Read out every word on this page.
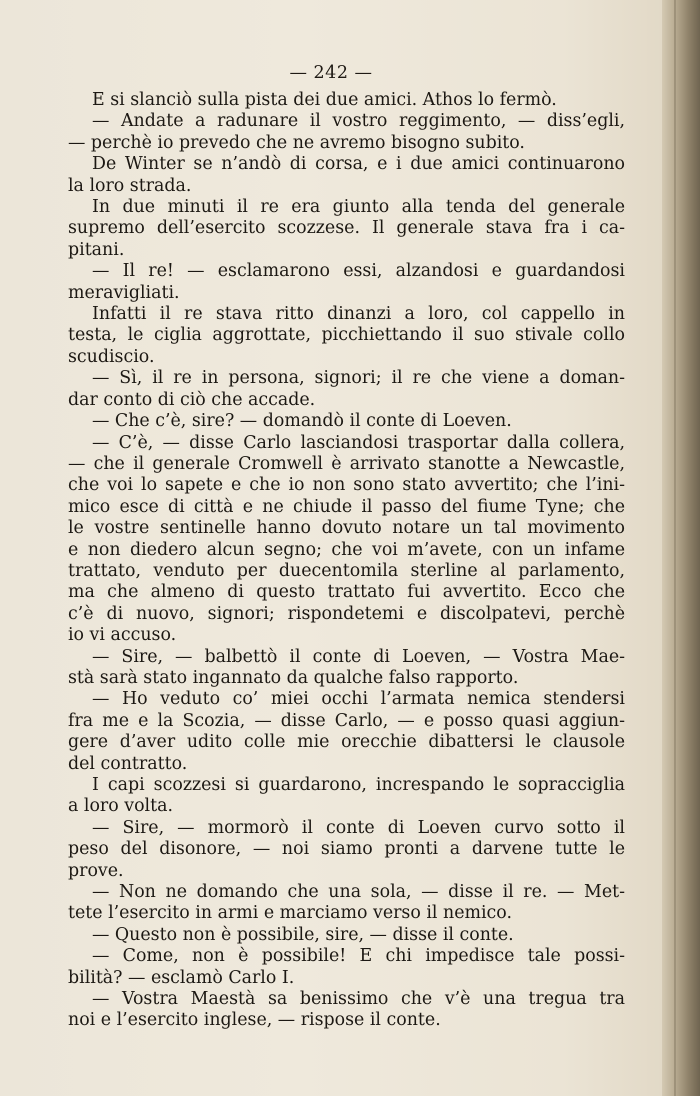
— 242 —
E si slanciò sulla pista dei due amici. Athos lo fermò.
— Andate a radunare il vostro reggimento, — diss’egli,
— perchè io prevedo che ne avremo bisogno subito.
De Winter se n’andò di corsa, e i due amici continuarono
la loro strada.
In due minuti il re era giunto alla tenda del generale
supremo dell’esercito scozzese. Il generale stava fra i ca-
pitani.
— Il re! — esclamarono essi, alzandosi e guardandosi
meravigliati.
Infatti il re stava ritto dinanzi a loro, col cappello in
testa, le ciglia aggrottate, picchiettando il suo stivale collo
scudiscio.
— Sì, il re in persona, signori; il re che viene a doman-
dar conto di ciò che accade.
— Che c’è, sire? — domandò il conte di Loeven.
— C’è, — disse Carlo lasciandosi trasportar dalla collera,
— che il generale Cromwell è arrivato stanotte a Newcastle,
che voi lo sapete e che io non sono stato avvertito; che l’ini-
mico esce di città e ne chiude il passo del fiume Tyne; che
le vostre sentinelle hanno dovuto notare un tal movimento
e non diedero alcun segno; che voi m’avete, con un infame
trattato, venduto per duecentomila sterline al parlamento,
ma che almeno di questo trattato fui avvertito. Ecco che
c’è di nuovo, signori; rispondetemi e discolpatevi, perchè
io vi accuso.
— Sire, — balbettò il conte di Loeven, — Vostra Mae-
stà sarà stato ingannato da qualche falso rapporto.
— Ho veduto co’ miei occhi l’armata nemica stendersi
fra me e la Scozia, — disse Carlo, — e posso quasi aggiun-
gere d’aver udito colle mie orecchie dibattersi le clausole
del contratto.
I capi scozzesi si guardarono, increspando le sopracciglia
a loro volta.
— Sire, — mormorò il conte di Loeven curvo sotto il
peso del disonore, — noi siamo pronti a darvene tutte le
prove.
— Non ne domando che una sola, — disse il re. — Met-
tete l’esercito in armi e marciamo verso il nemico.
— Questo non è possibile, sire, — disse il conte.
— Come, non è possibile! E chi impedisce tale possi-
bilità? — esclamò Carlo I.
— Vostra Maestà sa benissimo che v’è una tregua tra
noi e l’esercito inglese, — rispose il conte.
